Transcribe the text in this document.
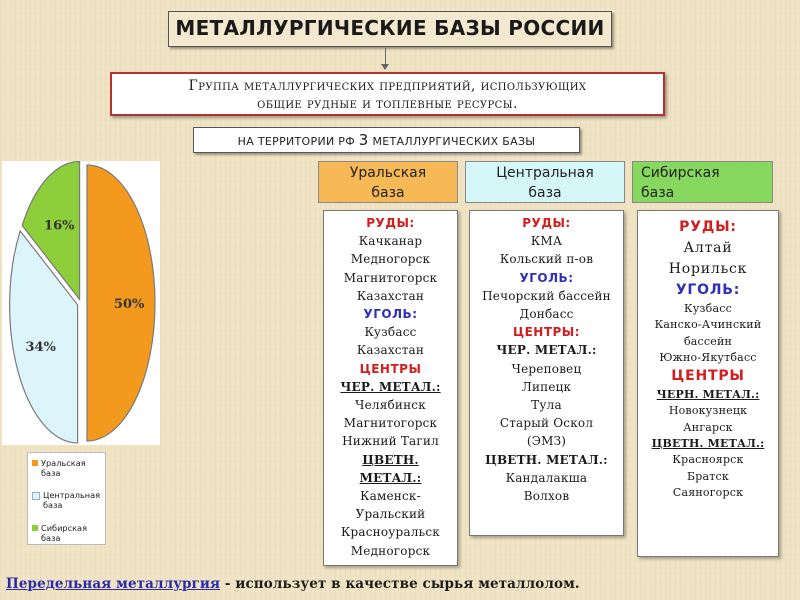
МЕТАЛЛУРГИЧЕСКИЕ БАЗЫ РОССИИ
Группа металлургических предприятий, использующих
общие рудные и топлевные ресурсы.
НА ТЕРРИТОРИИ РФ 3 МЕТАЛЛУРГИЧЕСКИХ БАЗЫ
Уральская
база
Центральная
база
Сибирская
база
РУДЫ:
Качканар
Медногорск
Магнитогорск
Казахстан
УГОЛЬ:
Кузбасс
Казахстан
ЦЕНТРЫ
ЧЕР. МЕТАЛ.:
Челябинск
Магнитогорск
Нижний Тагил
ЦВЕТН.
МЕТАЛ.:
Каменск-
Уральский
Красноуральск
Медногорск
РУДЫ:
КМА
Кольский п-ов
УГОЛЬ:
Печорский бассейн
Донбасс
ЦЕНТРЫ:
ЧЕР. МЕТАЛ.:
Череповец
Липецк
Тула
Старый Оскол
(ЭМЗ)
ЦВЕТН. МЕТАЛ.:
Кандалакша
Волхов
РУДЫ:
Алтай
Норильск
УГОЛЬ:
Кузбасс
Канско-Ачинский
бассейн
Южно-Якутбасс
ЦЕНТРЫ
ЧЕРН. МЕТАЛ.:
Новокузнецк
Ангарск
ЦВЕТН. МЕТАЛ.:
Красноярск
Братск
Саяногорск
50%
34%
16%
Уральская база
Центральная база
Сибирская база
Передельная металлургия - использует в качестве сырья металлолом.
